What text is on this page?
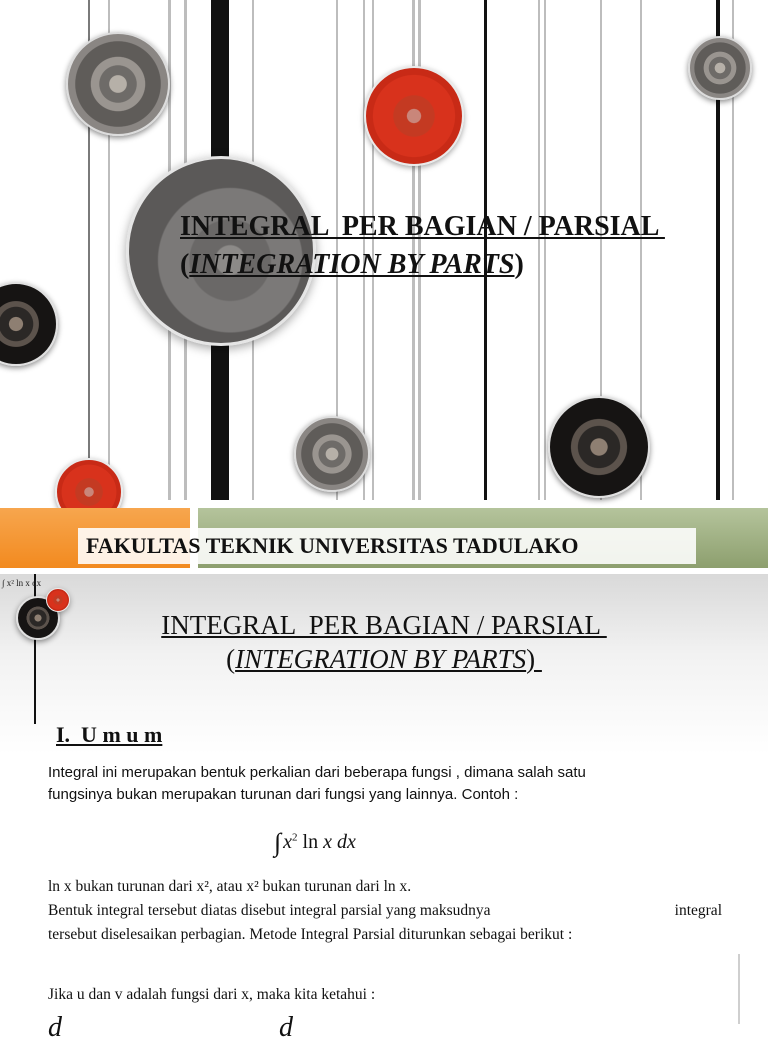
INTEGRAL  PER BAGIAN / PARSIAL
(INTEGRATION BY PARTS)
FAKULTAS TEKNIK UNIVERSITAS TADULAKO
∫ x² ln x dx
INTEGRAL  PER BAGIAN / PARSIAL
(INTEGRATION BY PARTS)
I.  U m u m
Integral ini merupakan bentuk perkalian dari beberapa fungsi , dimana salah satu
fungsinya bukan merupakan turunan dari fungsi yang lainnya. Contoh :
∫ $x^2$ ln x dx
ln x bukan turunan dari x², atau x² bukan turunan dari ln x.
Bentuk integral tersebut diatas disebut integral parsial yang maksudnya	integral
tersebut diselesaikan perbagian. Metode Integral Parsial diturunkan sebagai berikut :
Jika u dan v adalah fungsi dari x, maka kita ketahui :
d                               d
